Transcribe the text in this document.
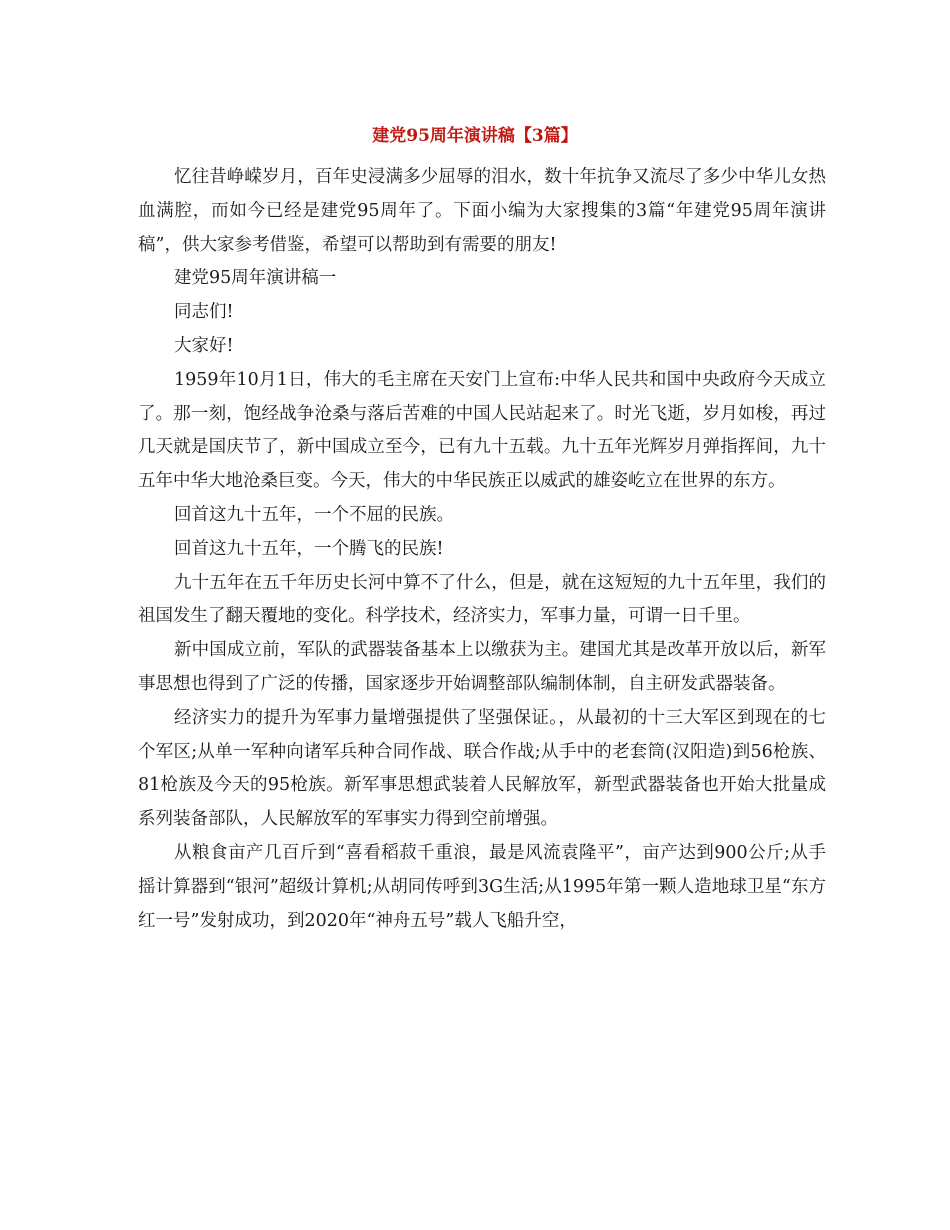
建党95周年演讲稿【3篇】

忆往昔峥嵘岁月，百年史浸满多少屈辱的泪水，数十年抗争又流尽了多少中华儿女热血满腔，而如今已经是建党95周年了。下面小编为大家搜集的3篇“年建党95周年演讲稿”，供大家参考借鉴，希望可以帮助到有需要的朋友!

建党95周年演讲稿一

同志们!

大家好!

1959年10月1日，伟大的毛主席在天安门上宣布:中华人民共和国中央政府今天成立了。那一刻，饱经战争沧桑与落后苦难的中国人民站起来了。时光飞逝，岁月如梭，再过几天就是国庆节了，新中国成立至今，已有九十五载。九十五年光辉岁月弹指挥间，九十五年中华大地沧桑巨变。今天，伟大的中华民族正以威武的雄姿屹立在世界的东方。

回首这九十五年，一个不屈的民族。

回首这九十五年，一个腾飞的民族!

九十五年在五千年历史长河中算不了什么，但是，就在这短短的九十五年里，我们的祖国发生了翻天覆地的变化。科学技术，经济实力，军事力量，可谓一日千里。

新中国成立前，军队的武器装备基本上以缴获为主。建国尤其是改革开放以后，新军事思想也得到了广泛的传播，国家逐步开始调整部队编制体制，自主研发武器装备。

经济实力的提升为军事力量增强提供了坚强保证。，从最初的十三大军区到现在的七个军区;从单一军种向诸军兵种合同作战、联合作战;从手中的老套筒(汉阳造)到56枪族、81枪族及今天的95枪族。新军事思想武装着人民解放军，新型武器装备也开始大批量成系列装备部队，人民解放军的军事实力得到空前增强。

从粮食亩产几百斤到“喜看稻菽千重浪，最是风流袁隆平”，亩产达到900公斤;从手摇计算器到“银河”超级计算机;从胡同传呼到3G生活;从1995年第一颗人造地球卫星“东方红一号”发射成功，到2020年“神舟五号”载人飞船升空，
